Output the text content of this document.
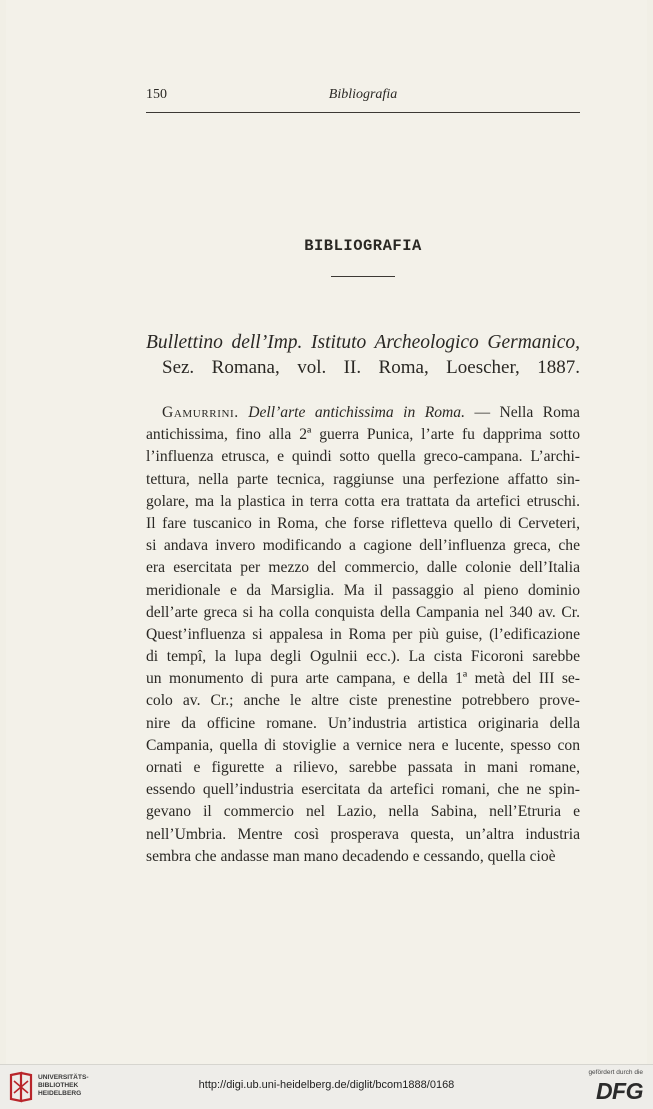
150	Bibliografia
BIBLIOGRAFIA
Bullettino dell’Imp. Istituto Archeologico Germanico,
Sez. Romana, vol. II. Roma, Loescher, 1887.
Gamurrini. Dell’arte antichissima in Roma. — Nella Roma
antichissima, fino alla 2ª guerra Punica, l’arte fu dapprima sotto
l’influenza etrusca, e quindi sotto quella greco-campana. L’archi-
tettura, nella parte tecnica, raggiunse una perfezione affatto sin-
golare, ma la plastica in terra cotta era trattata da artefici etruschi.
Il fare tuscanico in Roma, che forse rifletteva quello di Cerveteri,
si andava invero modificando a cagione dell’influenza greca, che
era esercitata per mezzo del commercio, dalle colonie dell’Italia
meridionale e da Marsiglia. Ma il passaggio al pieno dominio
dell’arte greca si ha colla conquista della Campania nel 340 av. Cr.
Quest’influenza si appalesa in Roma per più guise, (l’edificazione
di tempî, la lupa degli Ogulnii ecc.). La cista Ficoroni sarebbe
un monumento di pura arte campana, e della 1ª metà del III se-
colo av. Cr.; anche le altre ciste prenestine potrebbero prove-
nire da officine romane. Un’industria artistica originaria della
Campania, quella di stoviglie a vernice nera e lucente, spesso con
ornati e figurette a rilievo, sarebbe passata in mani romane,
essendo quell’industria esercitata da artefici romani, che ne spin-
gevano il commercio nel Lazio, nella Sabina, nell’Etruria e
nell’Umbria. Mentre così prosperava questa, un’altra industria
sembra che andasse man mano decadendo e cessando, quella cioè
UNIVERSITÄTS- BIBLIOTHEK HEIDELBERG
http://digi.ub.uni-heidelberg.de/diglit/bcom1888/0168
gefördert durch die
DFG
